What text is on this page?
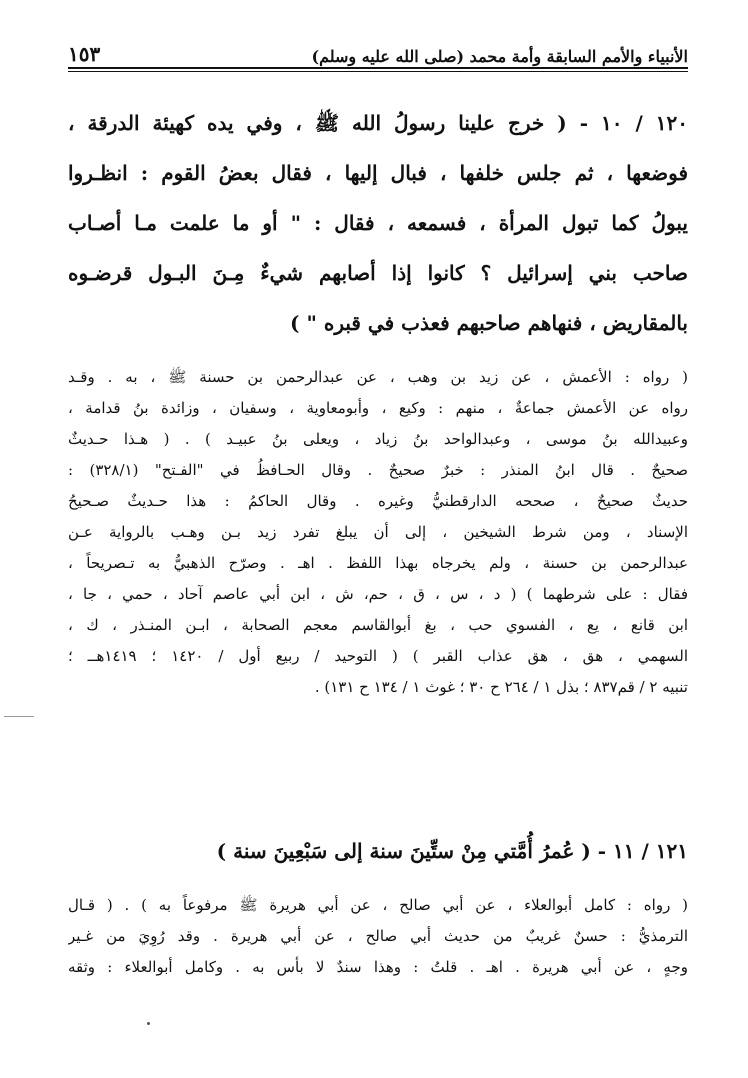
الأنبياء والأمم السابقة وأمة محمد (صلى الله عليه وسلم)
١٥٣
١٢٠ / ١٠ - ( خرج علينا رسولُ الله ﷺ ، وفي يده كهيئة الدرقة ،
فوضعها ، ثم جلس خلفها ، فبال إليها ، فقال بعضُ القوم : انظـروا
يبولُ كما تبول المرأة ، فسمعه ، فقال : " أو ما علمت مـا أصـاب
صاحب بني إسرائيل ؟ كانوا إذا أصابهم شيءٌ مِـنَ البـول قرضـوه
بالمقاريض ، فنهاهم صاحبهم فعذب في قبره " )
( رواه : الأعمش ، عن زيد بن وهب ، عن عبدالرحمن بن حسنة ﷺ ، به . وقـد
رواه عن الأعمش جماعةٌ ، منهم : وكيع ، وأبومعاوية ، وسفيان ، وزائدة بنُ قدامة ،
وعبيدالله بنُ موسى ، وعبدالواحد بنُ زياد ، ويعلى بنُ عبيـد ) . ( هـذا حـديثٌ
صحيحٌ . قال ابنُ المنذر : خبرٌ صحيحٌ . وقال الحـافظُ في "الفـتح" (٣٢٨/١) :
حديثٌ صحيحٌ ، صححه الدارقطنيُّ وغيره . وقال الحاكمُ : هذا حـديثٌ صـحيحُ
الإسناد ، ومن شرط الشيخين ، إلى أن يبلغ تفرد زيد بـن وهـب بالرواية عـن
عبدالرحمن بن حسنة ، ولم يخرجاه بهذا اللفظ . اهـ . وصرّح الذهبيُّ به تـصريحاً ،
فقال : على شرطهما ) ( د ، س ، ق ، حم، ش ، ابن أبي عاصم آحاد ، حمي ، جا ،
ابن قانع ، يع ، الفسوي حب ، بغ أبوالقاسم معجم الصحابة ، ابـن المنـذر ، ك ،
السهمي ، هق ، هق عذاب القبر ) ( التوحيد / ربيع أول / ١٤٢٠ ؛ ١٤١٩هــ ؛
تنبيه ٢ / قم٨٣٧ ؛ بذل ١ / ٢٦٤ ح ٣٠ ؛ غوث ١ / ١٣٤ ح ١٣١) .
١٢١ / ١١ - ( عُمرُ أُمَّتي مِنْ ستِّينَ سنة إلى سَبْعِينَ سنة )
( رواه : كامل أبوالعلاء ، عن أبي صالح ، عن أبي هريرة ﷺ مرفوعاً به ) . ( قـال
الترمذيُّ : حسنٌ غريبٌ من حديث أبي صالح ، عن أبي هريرة . وقد رُوِيَ من غـير
وجهٍ ، عن أبي هريرة . اهـ . قلتُ : وهذا سندٌ لا بأس به . وكامل أبوالعلاء : وثقه
